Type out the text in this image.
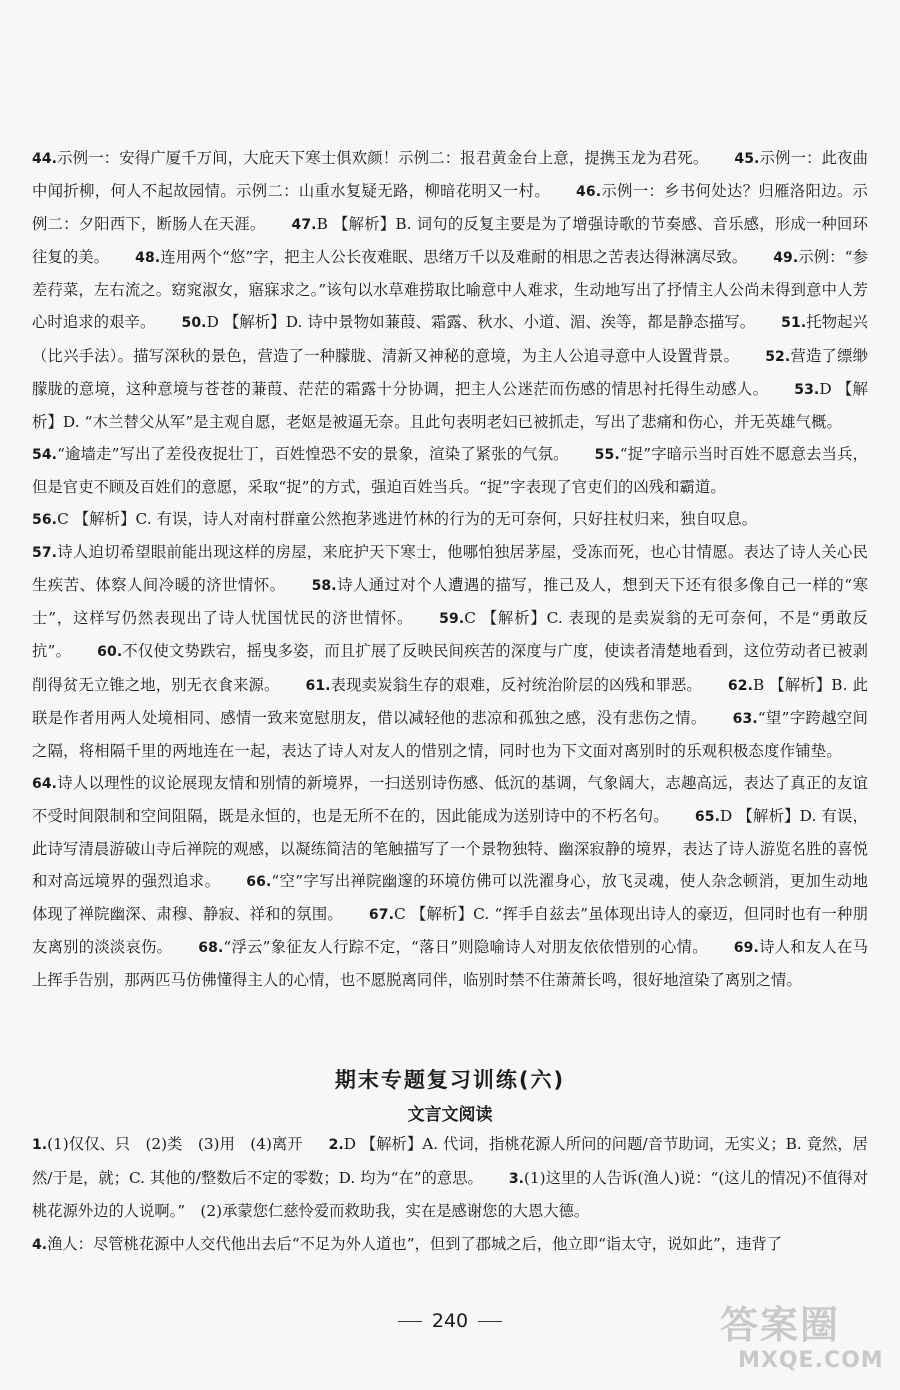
44.示例一：安得广厦千万间，大庇天下寒士俱欢颜！示例二：报君黄金台上意，提携玉龙为君死。 45.示例一：此夜曲中闻折柳，何人不起故园情。示例二：山重水复疑无路，柳暗花明又一村。 46.示例一：乡书何处达？归雁洛阳边。示例二：夕阳西下，断肠人在天涯。 47.B 【解析】B. 词句的反复主要是为了增强诗歌的节奏感、音乐感，形成一种回环往复的美。 48.连用两个“悠”字，把主人公长夜难眠、思绪万千以及难耐的相思之苦表达得淋漓尽致。 49.示例：“参差荇菜，左右流之。窈窕淑女，寤寐求之。”该句以水草难捞取比喻意中人难求，生动地写出了抒情主人公尚未得到意中人芳心时追求的艰辛。 50.D 【解析】D. 诗中景物如蒹葭、霜露、秋水、小道、湄、涘等，都是静态描写。 51.托物起兴（比兴手法）。描写深秋的景色，营造了一种朦胧、清新又神秘的意境，为主人公追寻意中人设置背景。 52.营造了缥缈朦胧的意境，这种意境与苍苍的蒹葭、茫茫的霜露十分协调，把主人公迷茫而伤感的情思衬托得生动感人。 53.D 【解析】D. “木兰替父从军”是主观自愿，老妪是被逼无奈。且此句表明老妇已被抓走，写出了悲痛和伤心，并无英雄气概。54.“逾墙走”写出了差役夜捉壮丁，百姓惶恐不安的景象，渲染了紧张的气氛。 55.“捉”字暗示当时百姓不愿意去当兵，但是官吏不顾及百姓们的意愿，采取“捉”的方式，强迫百姓当兵。“捉”字表现了官吏们的凶残和霸道。
56.C 【解析】C. 有误，诗人对南村群童公然抱茅逃进竹林的行为的无可奈何，只好拄杖归来，独自叹息。
57.诗人迫切希望眼前能出现这样的房屋，来庇护天下寒士，他哪怕独居茅屋，受冻而死，也心甘情愿。表达了诗人关心民生疾苦、体察人间冷暖的济世情怀。 58.诗人通过对个人遭遇的描写，推己及人，想到天下还有很多像自己一样的“寒士”，这样写仍然表现出了诗人忧国忧民的济世情怀。 59.C 【解析】C. 表现的是卖炭翁的无可奈何，不是“勇敢反抗”。 60.不仅使文势跌宕，摇曳多姿，而且扩展了反映民间疾苦的深度与广度，使读者清楚地看到，这位劳动者已被剥削得贫无立锥之地，别无衣食来源。 61.表现卖炭翁生存的艰难，反衬统治阶层的凶残和罪恶。 62.B 【解析】B. 此联是作者用两人处境相同、感情一致来宽慰朋友，借以减轻他的悲凉和孤独之感，没有悲伤之情。 63.“望”字跨越空间之隔，将相隔千里的两地连在一起，表达了诗人对友人的惜别之情，同时也为下文面对离别时的乐观积极态度作铺垫。64.诗人以理性的议论展现友情和别情的新境界，一扫送别诗伤感、低沉的基调，气象阔大，志趣高远，表达了真正的友谊不受时间限制和空间阻隔，既是永恒的，也是无所不在的，因此能成为送别诗中的不朽名句。 65.D 【解析】D. 有误，此诗写清晨游破山寺后禅院的观感，以凝练简洁的笔触描写了一个景物独特、幽深寂静的境界，表达了诗人游览名胜的喜悦和对高远境界的强烈追求。 66.“空”字写出禅院幽邃的环境仿佛可以洗濯身心，放飞灵魂，使人杂念顿消，更加生动地体现了禅院幽深、肃穆、静寂、祥和的氛围。 67.C 【解析】C. “挥手自兹去”虽体现出诗人的豪迈，但同时也有一种朋友离别的淡淡哀伤。 68.“浮云”象征友人行踪不定，“落日”则隐喻诗人对朋友依依惜别的心情。 69.诗人和友人在马上挥手告别，那两匹马仿佛懂得主人的心情，也不愿脱离同伴，临别时禁不住萧萧长鸣，很好地渲染了离别之情。

期末专题复习训练(六)
文言文阅读

1.(1)仅仅、只　(2)类　(3)用　(4)离开 2.D 【解析】A. 代词，指桃花源人所问的问题/音节助词，无实义；B. 竟然，居然/于是，就；C. 其他的/整数后不定的零数；D. 均为“在”的意思。 3.(1)这里的人告诉(渔人)说：“(这儿的情况)不值得对桃花源外边的人说啊。”　(2)承蒙您仁慈怜爱而救助我，实在是感谢您的大恩大德。
4.渔人：尽管桃花源中人交代他出去后“不足为外人道也”，但到了郡城之后，他立即“诣太守，说如此”，违背了

240	答案圈
MXQE.COM
